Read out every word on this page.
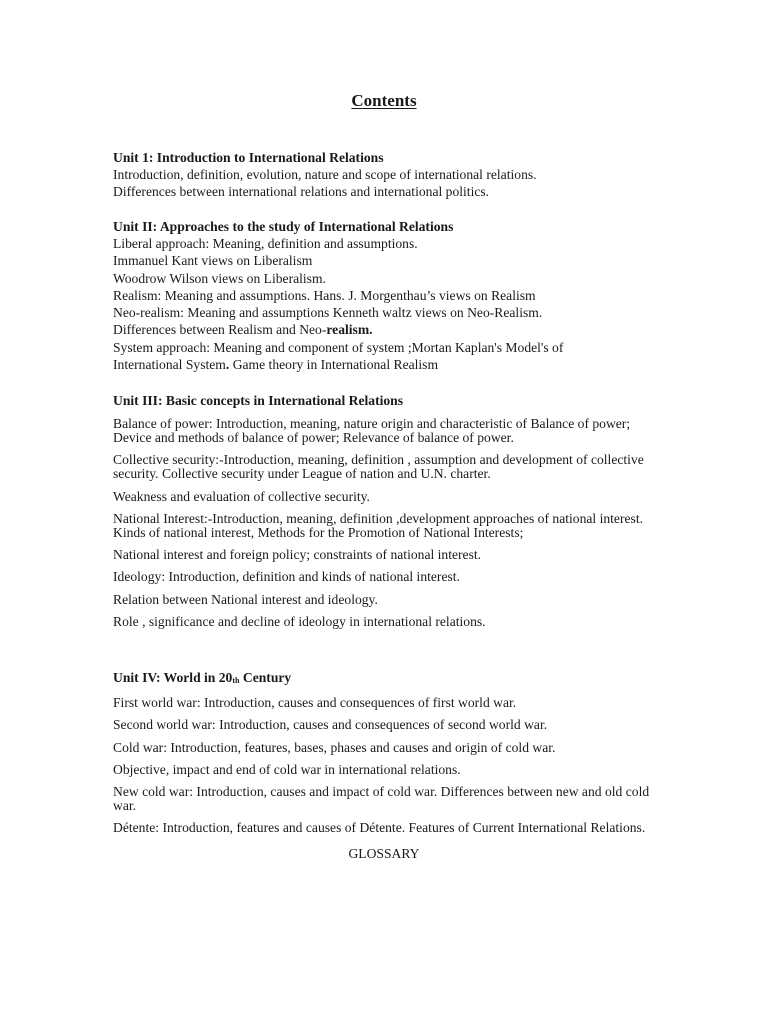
Contents

Unit 1: Introduction to International Relations

Introduction, definition, evolution, nature and scope of international relations.

Differences between international relations and international politics.

Unit II: Approaches to the study of International Relations

Liberal approach: Meaning, definition and assumptions.

Immanuel Kant views on Liberalism

Woodrow Wilson views on Liberalism.

Realism: Meaning and assumptions. Hans. J. Morgenthau’s views on Realism

Neo-realism: Meaning and assumptions Kenneth waltz views on Neo-Realism.

Differences between Realism and Neo-realism.

System approach: Meaning and component of system ;Mortan Kaplan's Model's of

International System. Game theory in International Realism

Unit III: Basic concepts in International Relations

Balance of power: Introduction, meaning, nature origin and characteristic of Balance of power; Device and methods of balance of power; Relevance of balance of power.

Collective security:-Introduction, meaning, definition , assumption and development of collective security. Collective security under League of nation and U.N. charter.

Weakness and evaluation of collective security.

National Interest:-Introduction, meaning, definition ,development approaches of national interest. Kinds of national interest, Methods for the Promotion of National Interests;

National interest and foreign policy; constraints of national interest.

Ideology: Introduction, definition and kinds of national interest.

Relation between National interest and ideology.

Role , significance and decline of ideology in international relations.

Unit IV: World in 20th Century

First world war: Introduction, causes and consequences of first world war.

Second world war: Introduction, causes and consequences of second world war.

Cold war: Introduction, features, bases, phases and causes and origin of cold war.

Objective, impact and end of cold war in international relations.

New cold war: Introduction, causes and impact of cold war. Differences between new and old cold war.

Détente: Introduction, features and causes of Détente. Features of Current International Relations.

GLOSSARY
